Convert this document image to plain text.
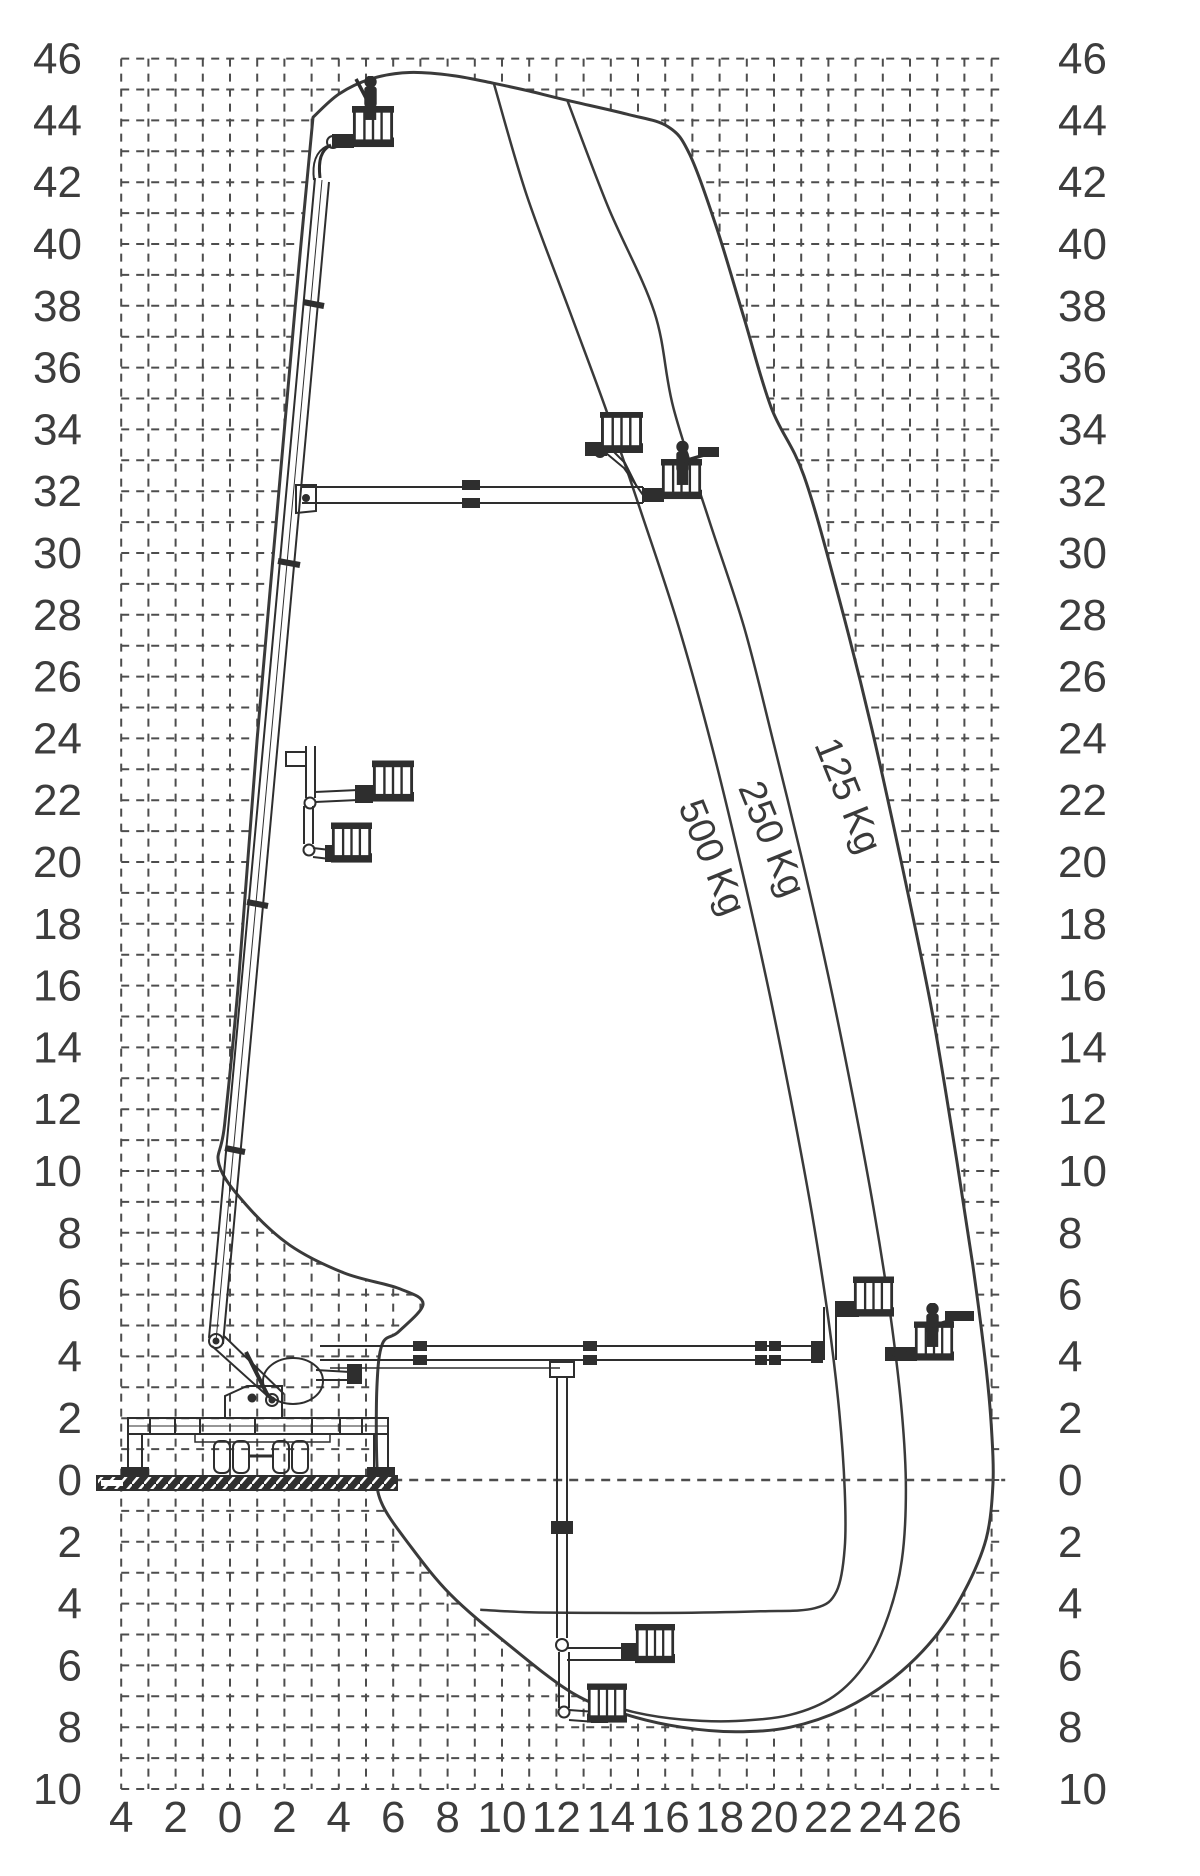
46	46
44	44
42	42
40	40
38	38
36	36
34	34
32	32
30	30
28	28
26	26
24	24
22	22
20	20
18	18
16	16
14	14
12	12
10	10
8	8
6	6
4	4
2	2
0	0
2	2
4	4
6	6
8	8
10	10
4 2 0 2 4 6 8 10 12 14 16 18 20 22 24 26
500 Kg
250 Kg
125 Kg
